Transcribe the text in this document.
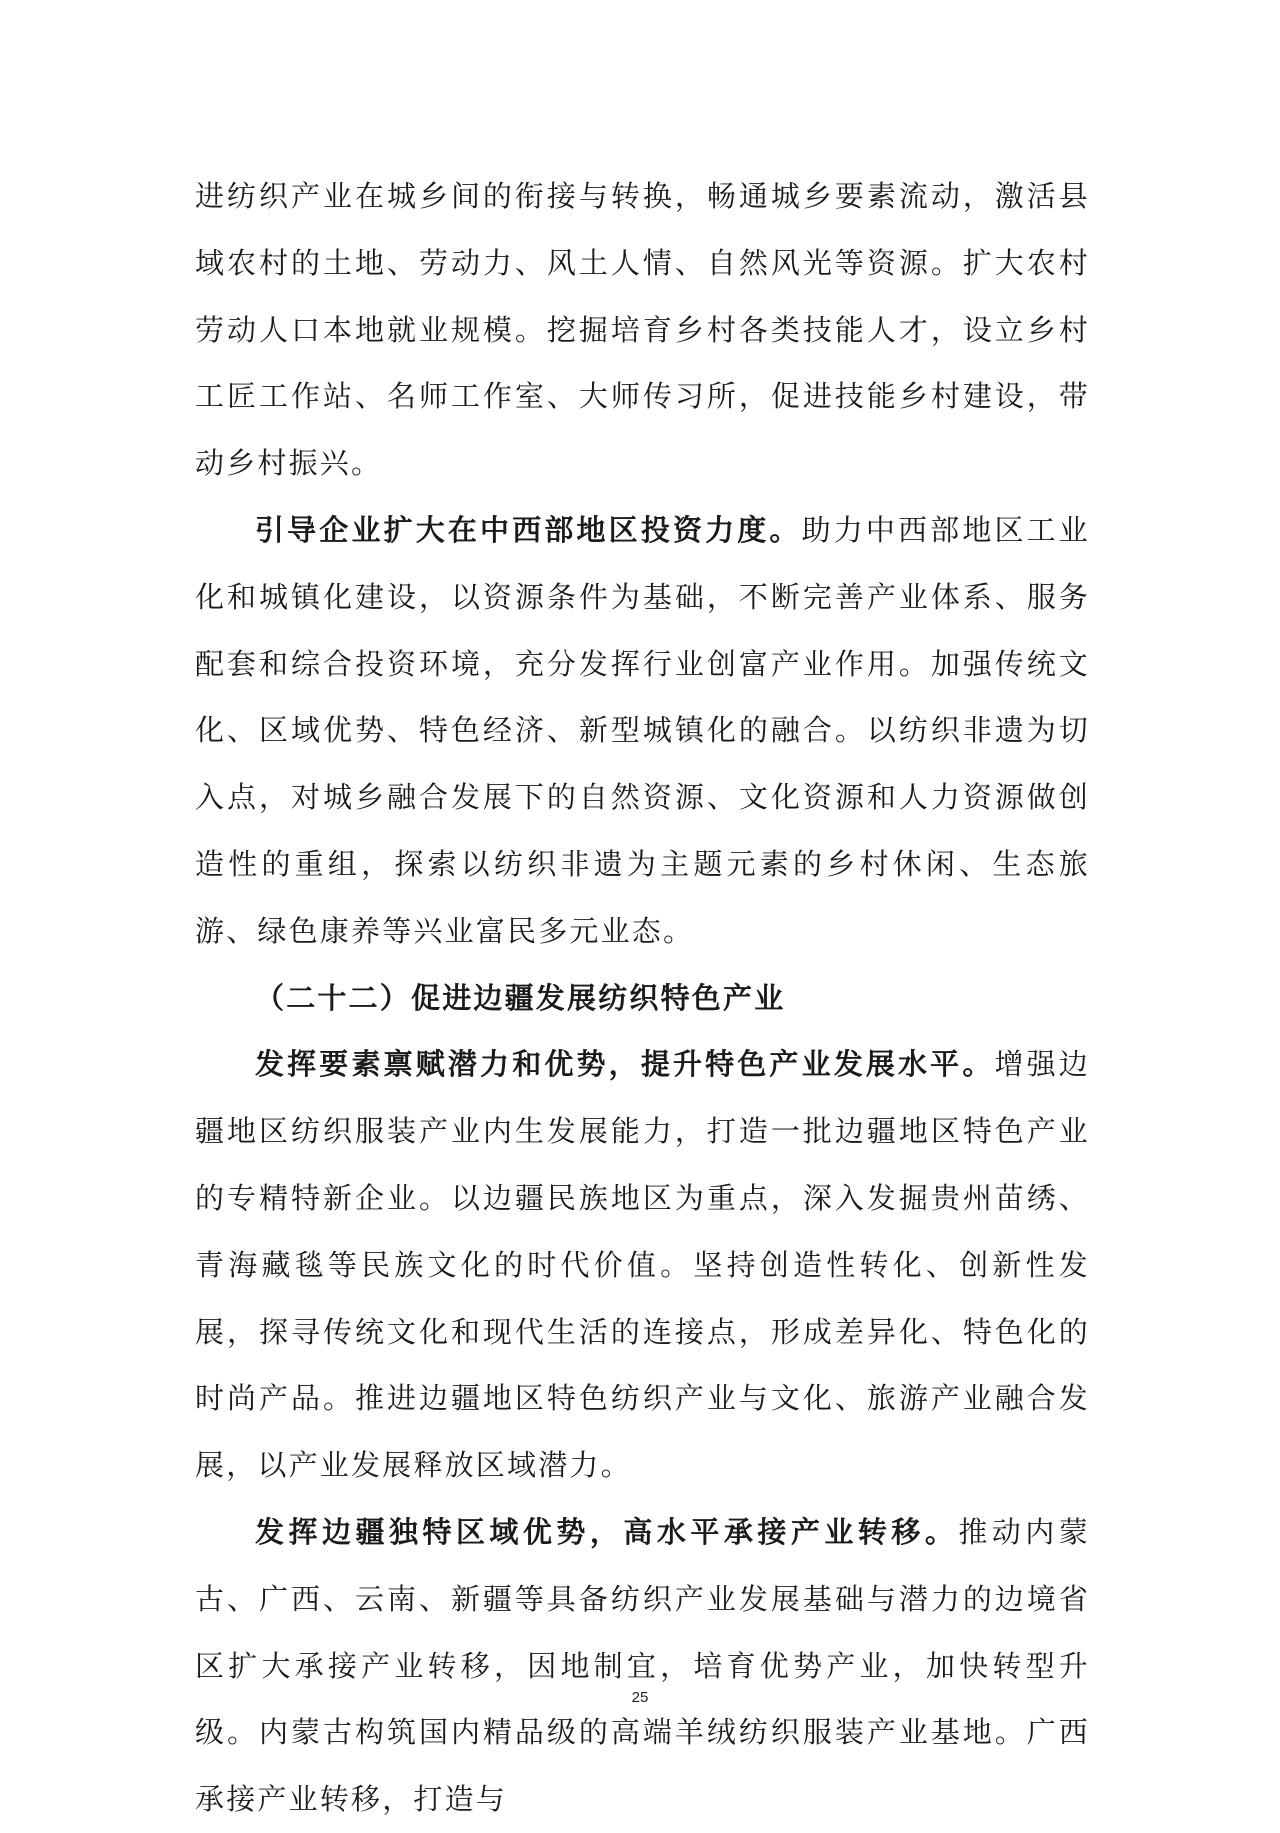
进纺织产业在城乡间的衔接与转换，畅通城乡要素流动，激活县域农村的土地、劳动力、风土人情、自然风光等资源。扩大农村劳动人口本地就业规模。挖掘培育乡村各类技能人才，设立乡村工匠工作站、名师工作室、大师传习所，促进技能乡村建设，带动乡村振兴。

引导企业扩大在中西部地区投资力度。助力中西部地区工业化和城镇化建设，以资源条件为基础，不断完善产业体系、服务配套和综合投资环境，充分发挥行业创富产业作用。加强传统文化、区域优势、特色经济、新型城镇化的融合。以纺织非遗为切入点，对城乡融合发展下的自然资源、文化资源和人力资源做创造性的重组，探索以纺织非遗为主题元素的乡村休闲、生态旅游、绿色康养等兴业富民多元业态。

（二十二）促进边疆发展纺织特色产业

发挥要素禀赋潜力和优势，提升特色产业发展水平。增强边疆地区纺织服装产业内生发展能力，打造一批边疆地区特色产业的专精特新企业。以边疆民族地区为重点，深入发掘贵州苗绣、青海藏毯等民族文化的时代价值。坚持创造性转化、创新性发展，探寻传统文化和现代生活的连接点，形成差异化、特色化的时尚产品。推进边疆地区特色纺织产业与文化、旅游产业融合发展，以产业发展释放区域潜力。

发挥边疆独特区域优势，高水平承接产业转移。推动内蒙古、广西、云南、新疆等具备纺织产业发展基础与潜力的边境省区扩大承接产业转移，因地制宜，培育优势产业，加快转型升级。内蒙古构筑国内精品级的高端羊绒纺织服装产业基地。广西承接产业转移，打造与

25
